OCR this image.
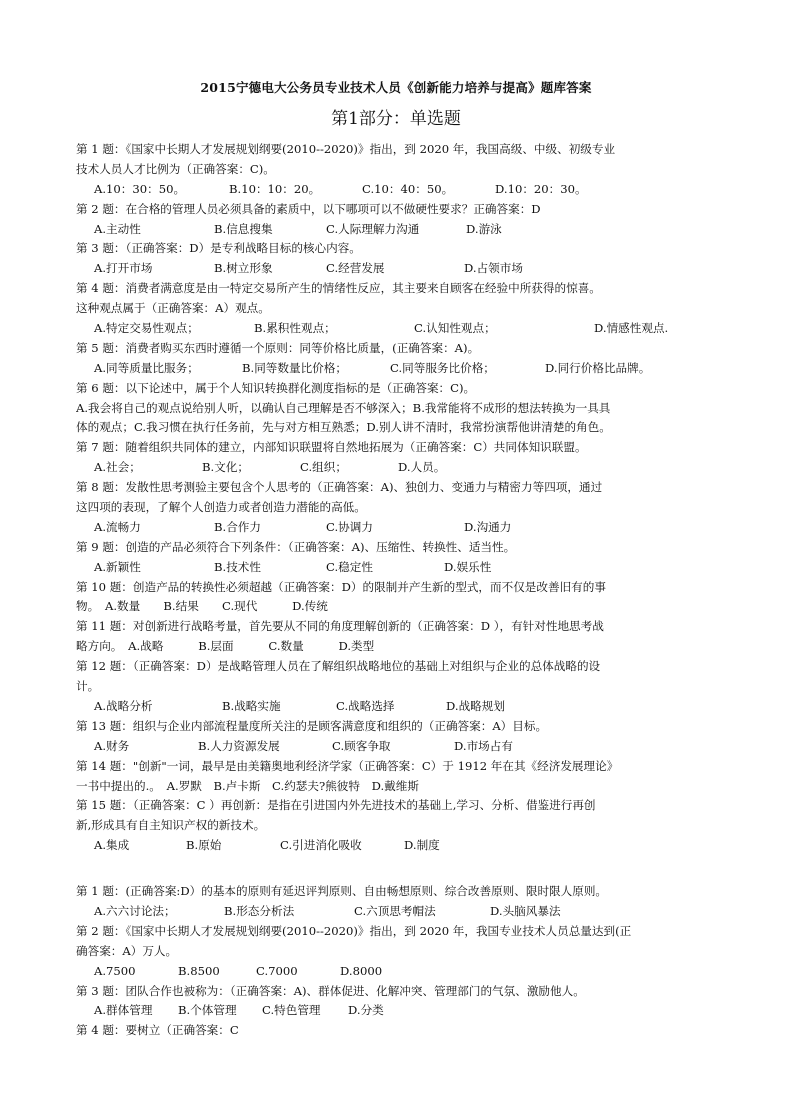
2015宁德电大公务员专业技术人员《创新能力培养与提高》题库答案
第1部分：单选题
第 1 题：《国家中长期人才发展规划纲要(2010--2020)》指出，到 2020 年，我国高级、中级、初级专业
技术人员人才比例为（正确答案：C)。
A.10：30：50。	B.10：10：20。	C.10：40：50。	D.10：20：30。
第 2 题：在合格的管理人员必须具备的素质中，以下哪项可以不做硬性要求？正确答案：D
A.主动性	B.信息搜集	C.人际理解力沟通	D.游泳
第 3 题：（正确答案：D）是专利战略目标的核心内容。
A.打开市场	B.树立形象	C.经营发展	D.占领市场
第 4 题：消费者满意度是由一特定交易所产生的情绪性反应，其主要来自顾客在经验中所获得的惊喜。
这种观点属于（正确答案：A）观点。
A.特定交易性观点；	B.累积性观点；	C.认知性观点；	D.情感性观点.
第 5 题：消费者购买东西时遵循一个原则：同等价格比质量，(正确答案：A)。
A.同等质量比服务；	B.同等数量比价格；	C.同等服务比价格；	D.同行价格比品牌。
第 6 题：以下论述中，属于个人知识转换群化测度指标的是（正确答案：C)。
A.我会将自己的观点说给别人听，以确认自己理解是否不够深入；B.我常能将不成形的想法转换为一具具
体的观点；C.我习惯在执行任务前，先与对方相互熟悉；D.别人讲不清时，我常扮演帮他讲清楚的角色。
第 7 题：随着组织共同体的建立，内部知识联盟将自然地拓展为（正确答案：C）共同体知识联盟。
A.社会；	B.文化；	C.组织；	D.人员。
第 8 题：发散性思考测验主要包含个人思考的（正确答案：A)、独创力、变通力与精密力等四项，通过
这四项的表现，了解个人创造力或者创造力潜能的高低。
A.流畅力	B.合作力	C.协调力	D.沟通力
第 9 题：创造的产品必须符合下列条件：（正确答案：A)、压缩性、转换性、适当性。
A.新颖性	B.技术性	C.稳定性	D.娱乐性
第 10 题：创造产品的转换性必须超越（正确答案：D）的限制并产生新的型式，而不仅是改善旧有的事
物。　A.数量　　B.结果　　C.现代　　　D.传统
第 11 题：对创新进行战略考量，首先要从不同的角度理解创新的（正确答案：D ），有针对性地思考战
略方向。　A.战略　　　B.层面　　　C.数量　　　D.类型
第 12 题：（正确答案：D）是战略管理人员在了解组织战略地位的基础上对组织与企业的总体战略的设
计。
A.战略分析	B.战略实施	C.战略选择	D.战略规划
第 13 题：组织与企业内部流程量度所关注的是顾客满意度和组织的（正确答案：A）目标。
A.财务	B.人力资源发展	C.顾客争取	D.市场占有
第 14 题："创新"一词，最早是由美籍奥地利经济学家（正确答案：C）于 1912 年在其《经济发展理论》
一书中提出的.。　A.罗默　B.卢卡斯　C.约瑟夫?熊彼特　D.戴维斯
第 15 题：（正确答案：C ）再创新：是指在引进国内外先进技术的基础上,学习、分析、借鉴进行再创
新,形成具有自主知识产权的新技术。
A.集成	B.原始	C.引进消化吸收	D.制度
第 1 题：(正确答案:D）的基本的原则有延迟评判原则、自由畅想原则、综合改善原则、限时限人原则。
A.六六讨论法；	B.形态分析法	C.六顶思考帽法	D.头脑风暴法
第 2 题：《国家中长期人才发展规划纲要(2010--2020)》指出，到 2020 年，我国专业技术人员总量达到(正
确答案：A）万人。
A.7500	B.8500	C.7000	D.8000
第 3 题：团队合作也被称为：（正确答案：A)、群体促进、化解冲突、管理部门的气氛、激励他人。
A.群体管理 B.个体管理 C.特色管理 D.分类
第 4 题：要树立（正确答案：C
